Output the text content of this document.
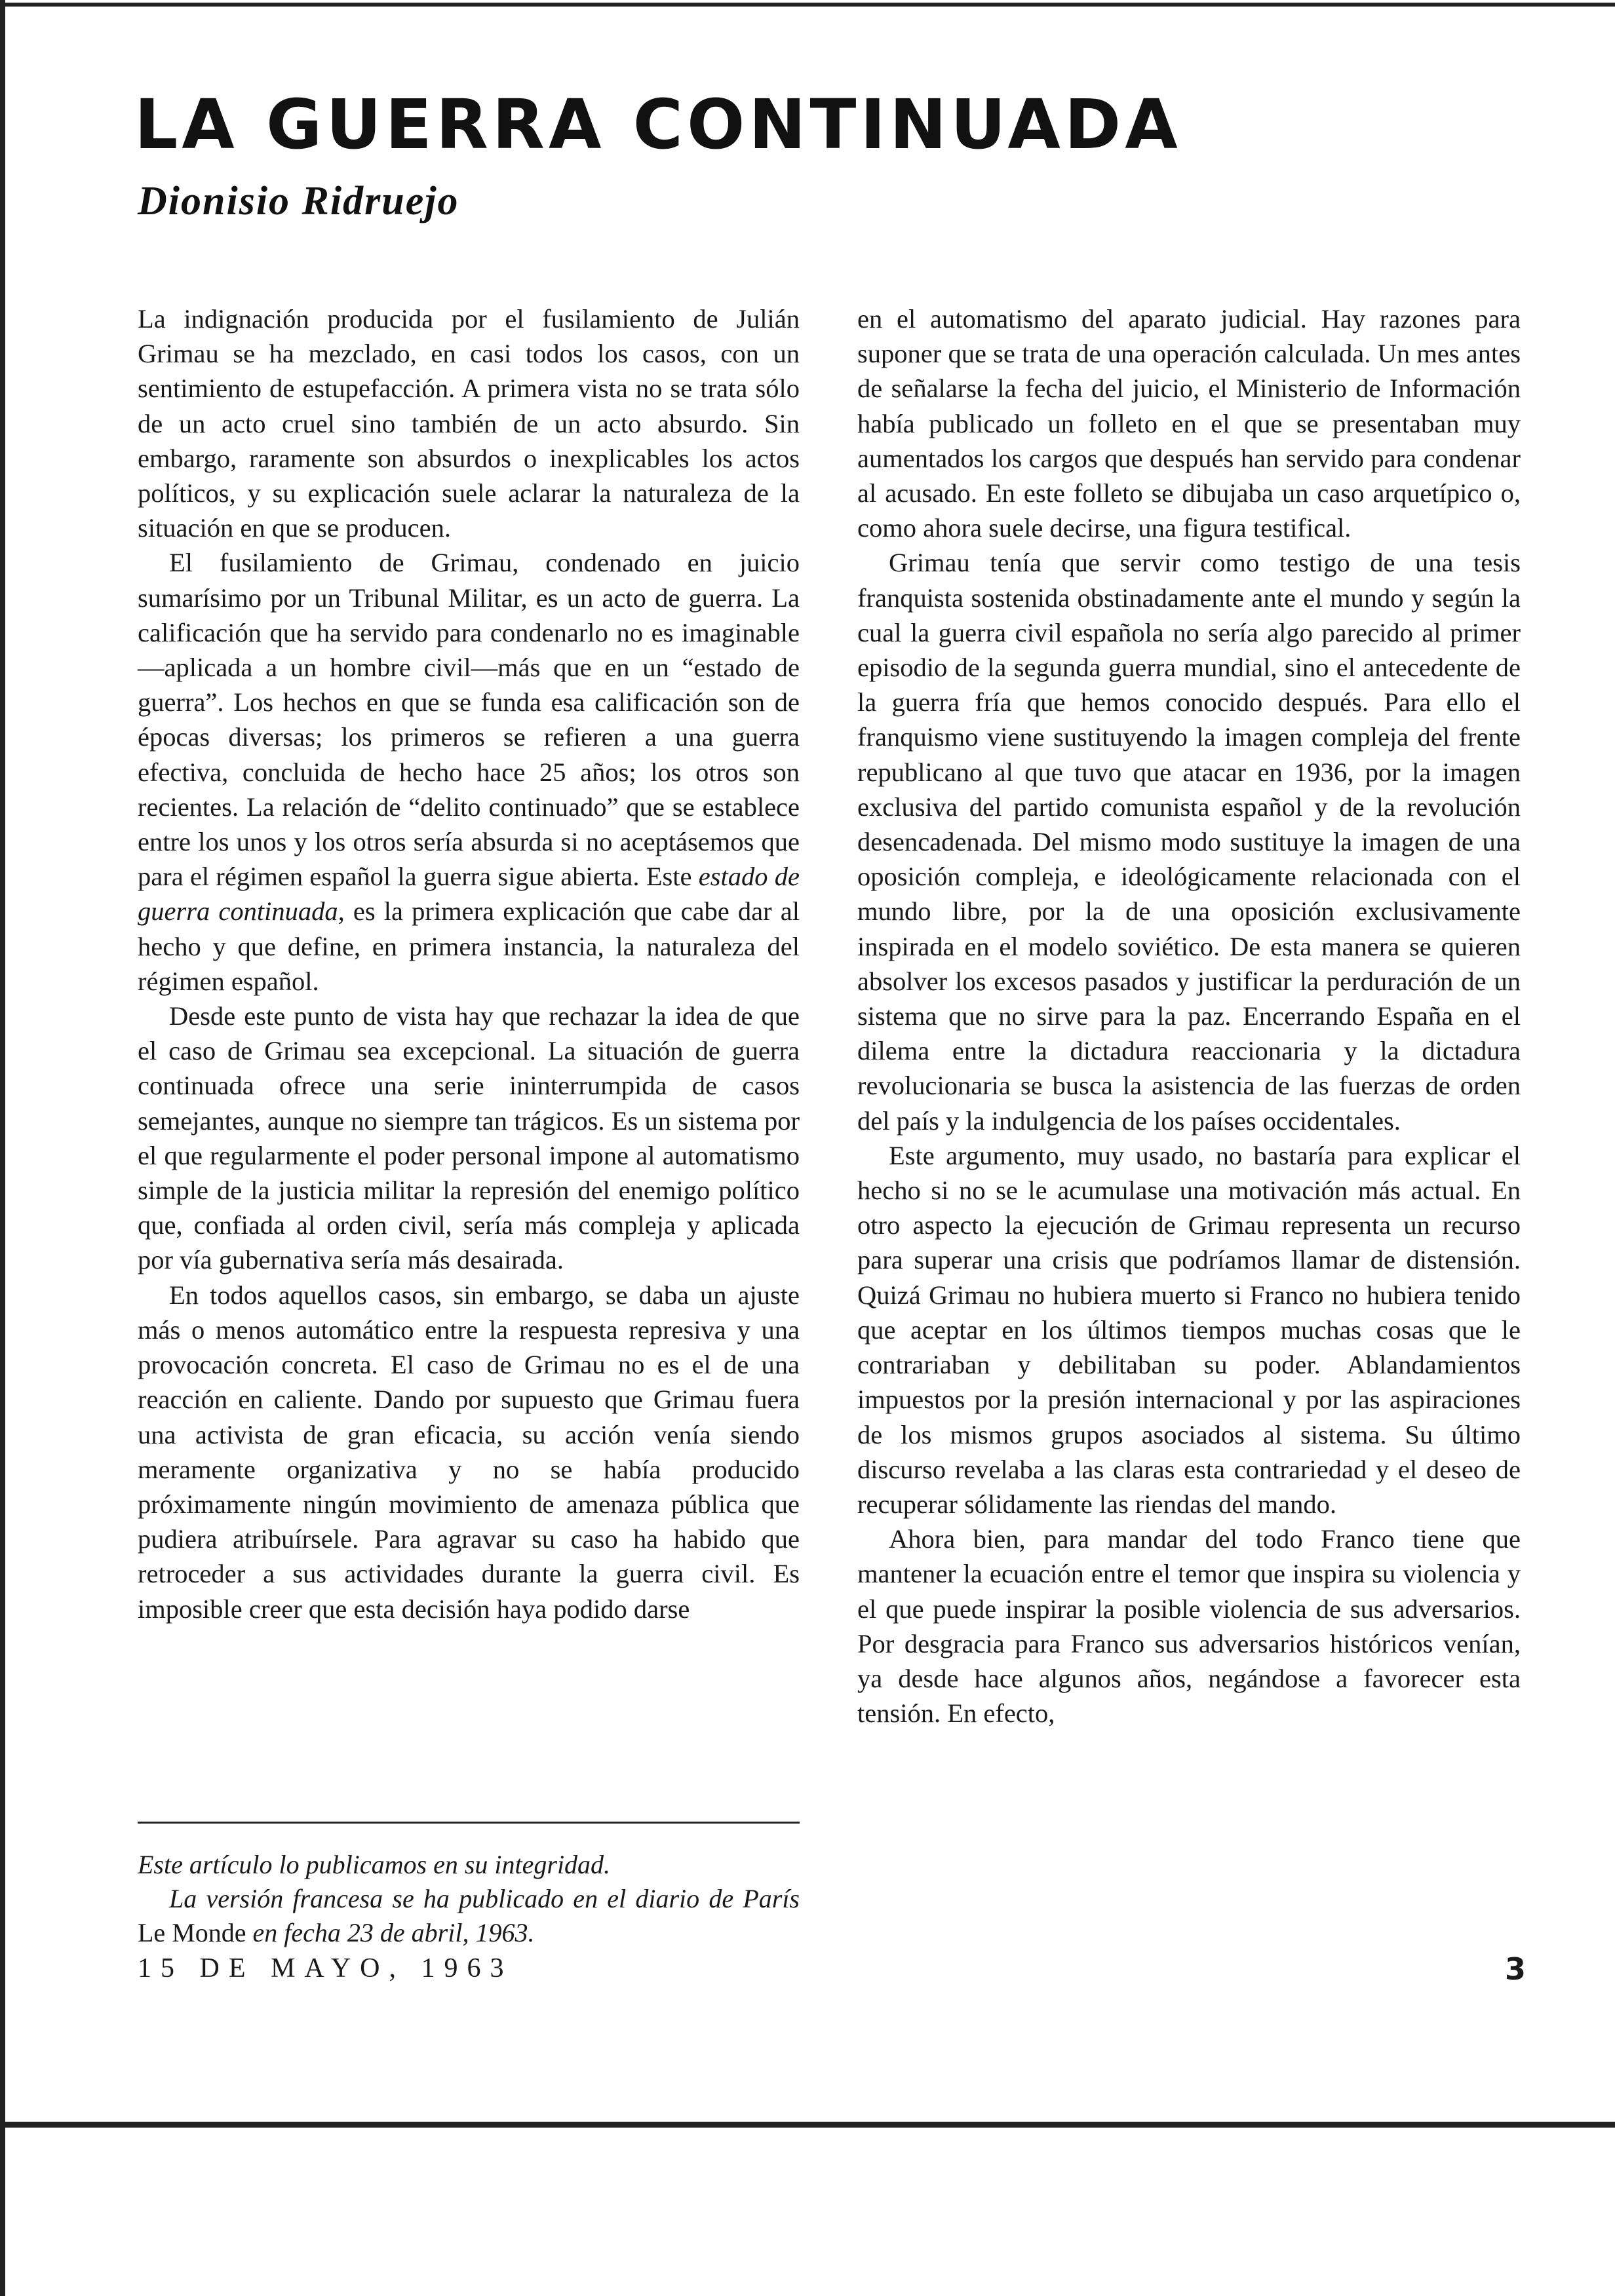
LA GUERRA CONTINUADA
Dionisio Ridruejo

La indignación producida por el fusilamiento de Julián Grimau se ha mezclado, en casi todos los casos, con un sentimiento de estupefacción. A primera vista no se trata sólo de un acto cruel sino también de un acto absurdo. Sin embargo, raramente son absurdos o inexplicables los actos políticos, y su explicación suele aclarar la naturaleza de la situación en que se producen.

El fusilamiento de Grimau, condenado en juicio sumarísimo por un Tribunal Militar, es un acto de guerra. La calificación que ha servido para condenarlo no es imaginable—aplicada a un hombre civil—más que en un “estado de guerra”. Los hechos en que se funda esa calificación son de épocas diversas; los primeros se refieren a una guerra efectiva, concluida de hecho hace 25 años; los otros son recientes. La relación de “delito continuado” que se establece entre los unos y los otros sería absurda si no aceptásemos que para el régimen español la guerra sigue abierta. Este estado de guerra continuada, es la primera explicación que cabe dar al hecho y que define, en primera instancia, la naturaleza del régimen español.

Desde este punto de vista hay que rechazar la idea de que el caso de Grimau sea excepcional. La situación de guerra continuada ofrece una serie ininterrumpida de casos semejantes, aunque no siempre tan trágicos. Es un sistema por el que regularmente el poder personal impone al automatismo simple de la justicia militar la represión del enemigo político que, confiada al orden civil, sería más compleja y aplicada por vía gubernativa sería más desairada.

En todos aquellos casos, sin embargo, se daba un ajuste más o menos automático entre la respuesta represiva y una provocación concreta. El caso de Grimau no es el de una reacción en caliente. Dando por supuesto que Grimau fuera una activista de gran eficacia, su acción venía siendo meramente organizativa y no se había producido próximamente ningún movimiento de amenaza pública que pudiera atribuírsele. Para agravar su caso ha habido que retroceder a sus actividades durante la guerra civil. Es imposible creer que esta decisión haya podido darse

en el automatismo del aparato judicial. Hay razones para suponer que se trata de una operación calculada. Un mes antes de señalarse la fecha del juicio, el Ministerio de Información había publicado un folleto en el que se presentaban muy aumentados los cargos que después han servido para condenar al acusado. En este folleto se dibujaba un caso arquetípico o, como ahora suele decirse, una figura testifical.

Grimau tenía que servir como testigo de una tesis franquista sostenida obstinadamente ante el mundo y según la cual la guerra civil española no sería algo parecido al primer episodio de la segunda guerra mundial, sino el antecedente de la guerra fría que hemos conocido después. Para ello el franquismo viene sustituyendo la imagen compleja del frente republicano al que tuvo que atacar en 1936, por la imagen exclusiva del partido comunista español y de la revolución desencadenada. Del mismo modo sustituye la imagen de una oposición compleja, e ideológicamente relacionada con el mundo libre, por la de una oposición exclusivamente inspirada en el modelo soviético. De esta manera se quieren absolver los excesos pasados y justificar la perduración de un sistema que no sirve para la paz. Encerrando España en el dilema entre la dictadura reaccionaria y la dictadura revolucionaria se busca la asistencia de las fuerzas de orden del país y la indulgencia de los países occidentales.

Este argumento, muy usado, no bastaría para explicar el hecho si no se le acumulase una motivación más actual. En otro aspecto la ejecución de Grimau representa un recurso para superar una crisis que podríamos llamar de distensión. Quizá Grimau no hubiera muerto si Franco no hubiera tenido que aceptar en los últimos tiempos muchas cosas que le contrariaban y debilitaban su poder. Ablandamientos impuestos por la presión internacional y por las aspiraciones de los mismos grupos asociados al sistema. Su último discurso revelaba a las claras esta contrariedad y el deseo de recuperar sólidamente las riendas del mando.

Ahora bien, para mandar del todo Franco tiene que mantener la ecuación entre el temor que inspira su violencia y el que puede inspirar la posible violencia de sus adversarios. Por desgracia para Franco sus adversarios históricos venían, ya desde hace algunos años, negándose a favorecer esta tensión. En efecto,

Este artículo lo publicamos en su integridad.

La versión francesa se ha publicado en el diario de París Le Monde en fecha 23 de abril, 1963.

15 DE MAYO, 1963	3
